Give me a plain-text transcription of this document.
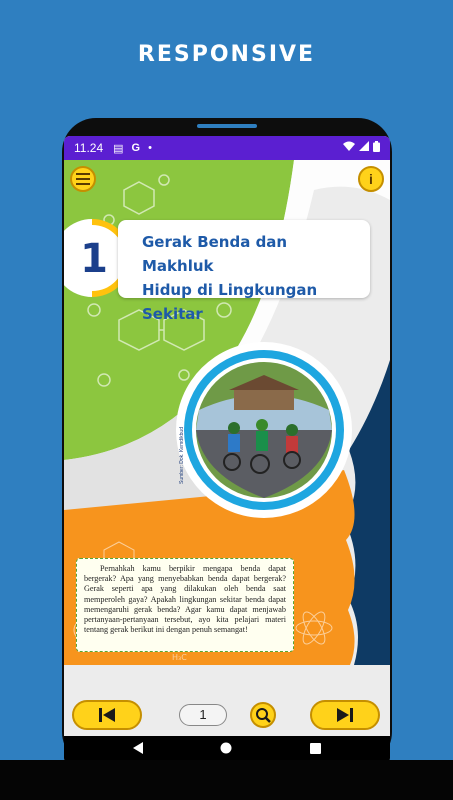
RESPONSIVE
11.24 ▤ G •
H₃C
Gerak Benda dan Makhluk
Hidup di Lingkungan Sekitar
1
Sumber: Dok. Kemdikbud
Pernahkah kamu berpikir mengapa benda dapat bergerak? Apa yang menyebabkan benda dapat bergerak? Gerak seperti apa yang dilakukan oleh benda saat memperoleh gaya? Apakah lingkungan sekitar benda dapat memengaruhi gerak benda? Agar kamu dapat menjawab pertanyaan-pertanyaan tersebut, ayo kita pelajari materi tentang gerak berikut ini dengan penuh semangat!
i
1
